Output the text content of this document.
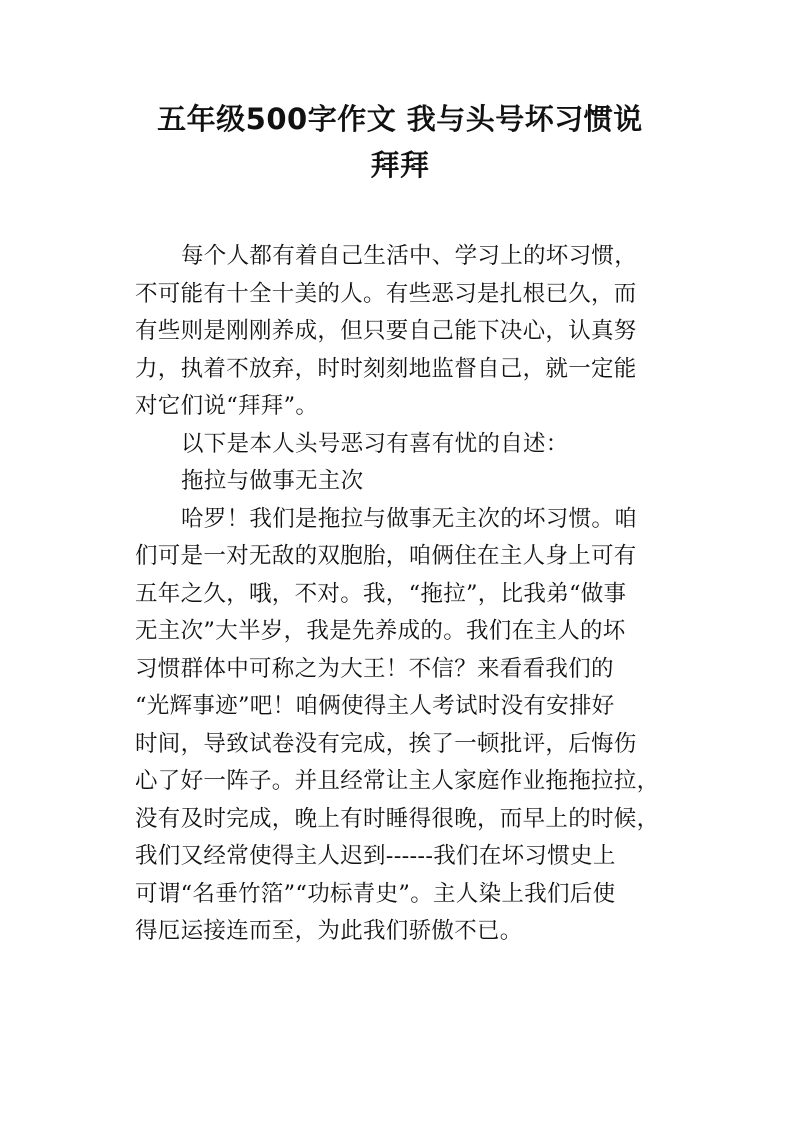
五年级500字作文 我与头号坏习惯说
拜拜
每个人都有着自己生活中、学习上的坏习惯，
不可能有十全十美的人。有些恶习是扎根已久，而
有些则是刚刚养成，但只要自己能下决心，认真努
力，执着不放弃，时时刻刻地监督自己，就一定能
对它们说“拜拜”。
以下是本人头号恶习有喜有忧的自述：
拖拉与做事无主次
哈罗！我们是拖拉与做事无主次的坏习惯。咱
们可是一对无敌的双胞胎，咱俩住在主人身上可有
五年之久，哦，不对。我，“拖拉”，比我弟“做事
无主次”大半岁，我是先养成的。我们在主人的坏
习惯群体中可称之为大王！不信？来看看我们的
“光辉事迹”吧！咱俩使得主人考试时没有安排好
时间，导致试卷没有完成，挨了一顿批评，后悔伤
心了好一阵子。并且经常让主人家庭作业拖拖拉拉，
没有及时完成，晚上有时睡得很晚，而早上的时候，
我们又经常使得主人迟到------我们在坏习惯史上
可谓“名垂竹箔”“功标青史”。主人染上我们后使
得厄运接连而至，为此我们骄傲不已。
